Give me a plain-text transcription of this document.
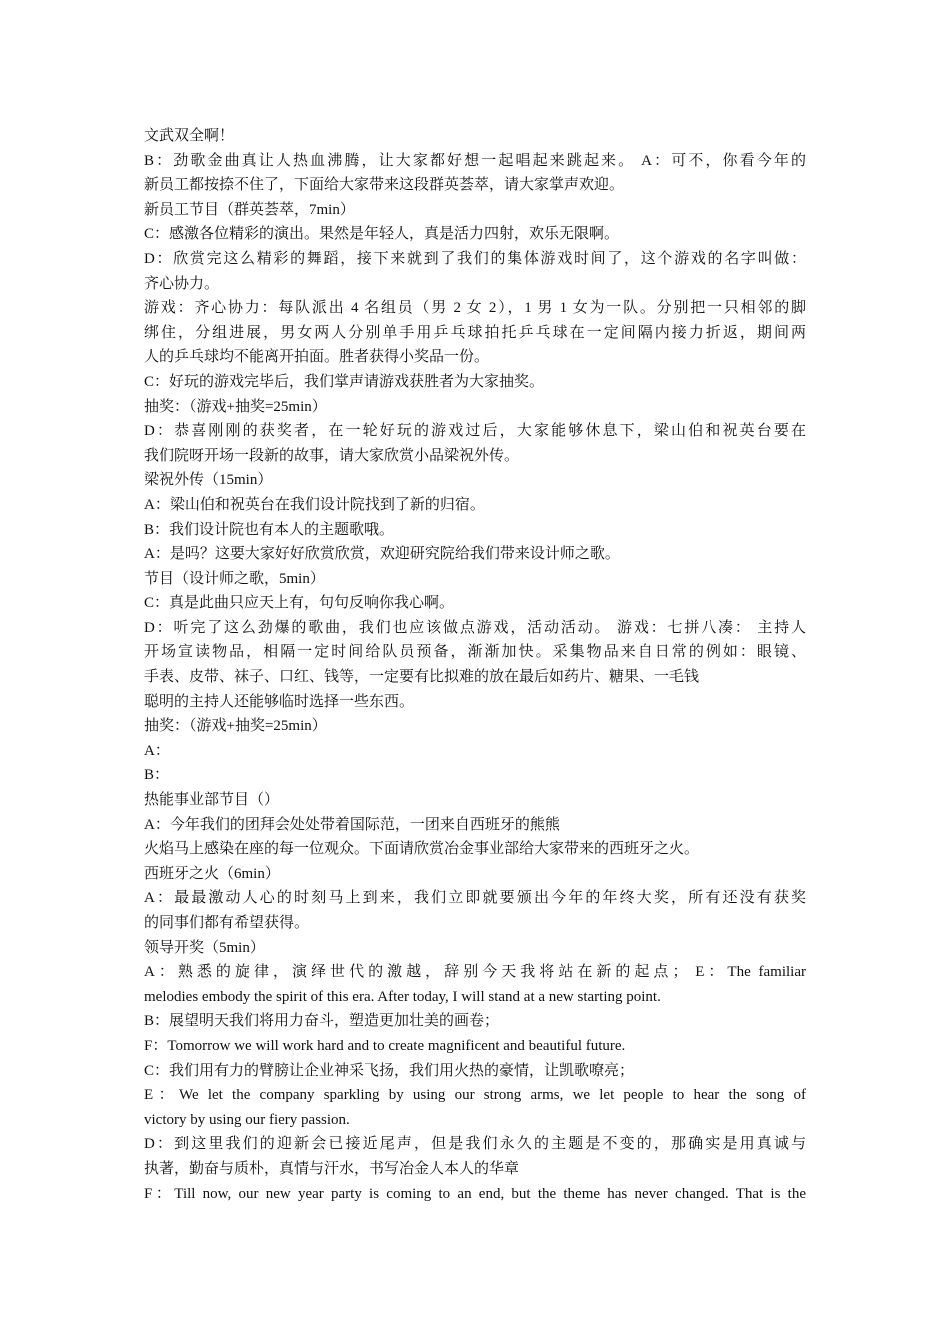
文武双全啊！
B：劲歌金曲真让人热血沸腾，让大家都好想一起唱起来跳起来。 A：可不，你看今年的
新员工都按捺不住了，下面给大家带来这段群英荟萃，请大家掌声欢迎。
新员工节目（群英荟萃，7min）
C：感激各位精彩的演出。果然是年轻人，真是活力四射，欢乐无限啊。
D：欣赏完这么精彩的舞蹈，接下来就到了我们的集体游戏时间了，这个游戏的名字叫做：
齐心协力。
游戏：齐心协力：每队派出 4 名组员（男 2 女 2），1 男 1 女为一队。分别把一只相邻的脚
绑住，分组进展，男女两人分别单手用乒乓球拍托乒乓球在一定间隔内接力折返，期间两
人的乒乓球均不能离开拍面。胜者获得小奖品一份。
C：好玩的游戏完毕后，我们掌声请游戏获胜者为大家抽奖。
抽奖：（游戏+抽奖=25min）
D：恭喜刚刚的获奖者，在一轮好玩的游戏过后，大家能够休息下，梁山伯和祝英台要在
我们院呀开场一段新的故事，请大家欣赏小品梁祝外传。
梁祝外传（15min）
A：梁山伯和祝英台在我们设计院找到了新的归宿。
B：我们设计院也有本人的主题歌哦。
A：是吗？这要大家好好欣赏欣赏，欢迎研究院给我们带来设计师之歌。
节目（设计师之歌，5min）
C：真是此曲只应天上有，句句反响你我心啊。
D：听完了这么劲爆的歌曲，我们也应该做点游戏，活动活动。 游戏：七拼八凑： 主持人
开场宣读物品，相隔一定时间给队员预备，渐渐加快。采集物品来自日常的例如：眼镜、
手表、皮带、袜子、口红、钱等，一定要有比拟难的放在最后如药片、糖果、一毛钱
聪明的主持人还能够临时选择一些东西。
抽奖：（游戏+抽奖=25min）
A：
B：
热能事业部节目（）
A：今年我们的团拜会处处带着国际范，一团来自西班牙的熊熊
火焰马上感染在座的每一位观众。下面请欣赏冶金事业部给大家带来的西班牙之火。
西班牙之火（6min）
A：最最激动人心的时刻马上到来，我们立即就要颁出今年的年终大奖，所有还没有获奖
的同事们都有希望获得。
领导开奖（5min）
A：熟悉的旋律，演绎世代的激越，辞别今天我将站在新的起点； E：The familiar
melodies embody the spirit of this era. After today, I will stand at a new starting point.
B：展望明天我们将用力奋斗，塑造更加壮美的画卷；
F：Tomorrow we will work hard and to create magnificent and beautiful future.
C：我们用有力的臂膀让企业神采飞扬，我们用火热的豪情，让凯歌嘹亮；
E：We let the company sparkling by using our strong arms, we let people to hear the song of
victory by using our fiery passion.
D：到这里我们的迎新会已接近尾声，但是我们永久的主题是不变的，那确实是用真诚与
执著，勤奋与质朴，真情与汗水，书写冶金人本人的华章
F：Till now, our new year party is coming to an end, but the theme has never changed. That is the
